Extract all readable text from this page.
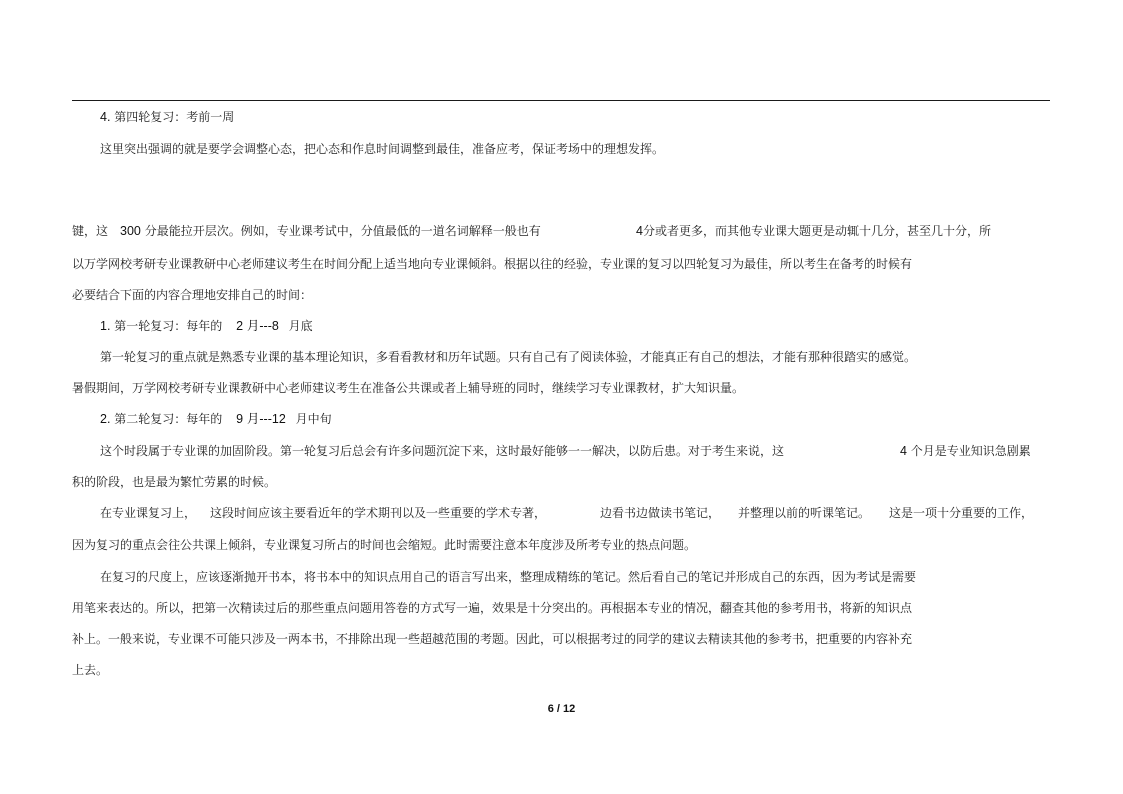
4. 第四轮复习：考前一周
这里突出强调的就是要学会调整心态，把心态和作息时间调整到最佳，准备应考，保证考场中的理想发挥。
键，这 300 分最能拉开层次。例如，专业课考试中，分值最低的一道名词解释一般也有	4分或者更多，而其他专业课大题更是动辄十几分，甚至几十分，所
以万学网校考研专业课教研中心老师建议考生在时间分配上适当地向专业课倾斜。根据以往的经验，专业课的复习以四轮复习为最佳，所以考生在备考的时候有
必要结合下面的内容合理地安排自己的时间：
1. 第一轮复习：每年的 2 月---8 月底
第一轮复习的重点就是熟悉专业课的基本理论知识，多看看教材和历年试题。只有自己有了阅读体验，才能真正有自己的想法，才能有那种很踏实的感觉。
暑假期间，万学网校考研专业课教研中心老师建议考生在准备公共课或者上辅导班的同时，继续学习专业课教材，扩大知识量。
2. 第二轮复习：每年的 9 月---12 月中旬
这个时段属于专业课的加固阶段。第一轮复习后总会有许多问题沉淀下来，这时最好能够一一解决，以防后患。对于考生来说，这	4 个月是专业知识急剧累
积的阶段，也是最为繁忙劳累的时候。
在专业课复习上， 这段时间应该主要看近年的学术期刊以及一些重要的学术专著，	边看书边做读书笔记， 并整理以前的听课笔记。 这是一项十分重要的工作，
因为复习的重点会往公共课上倾斜，专业课复习所占的时间也会缩短。此时需要注意本年度涉及所考专业的热点问题。
在复习的尺度上，应该逐渐抛开书本，将书本中的知识点用自己的语言写出来，整理成精练的笔记。然后看自己的笔记并形成自己的东西，因为考试是需要
用笔来表达的。所以，把第一次精读过后的那些重点问题用答卷的方式写一遍，效果是十分突出的。再根据本专业的情况，翻查其他的参考用书，将新的知识点
补上。一般来说，专业课不可能只涉及一两本书，不排除出现一些超越范围的考题。因此，可以根据考过的同学的建议去精读其他的参考书，把重要的内容补充
上去。
6 / 12
